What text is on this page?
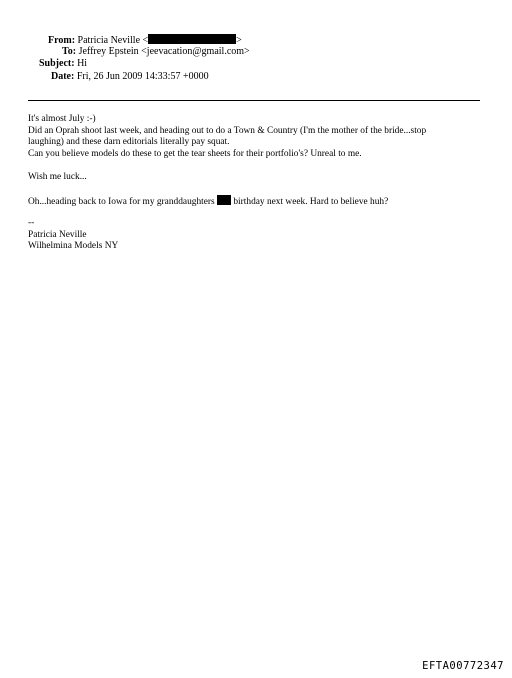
From: Patricia Neville <	>
To: Jeffrey Epstein <jeevacation@gmail.com>
Subject: Hi
Date: Fri, 26 Jun 2009 14:33:57 +0000
It's almost July :-)
Did an Oprah shoot last week, and heading out to do a Town & Country (I'm the mother of the bride...stop
laughing) and these darn editorials literally pay squat.
Can you believe models do these to get the tear sheets for their portfolio's? Unreal to me.
Wish me luck...
Oh...heading back to Iowa for my granddaughters birthday next week. Hard to believe huh?
--
Patricia Neville
Wilhelmina Models NY
EFTA00772347
